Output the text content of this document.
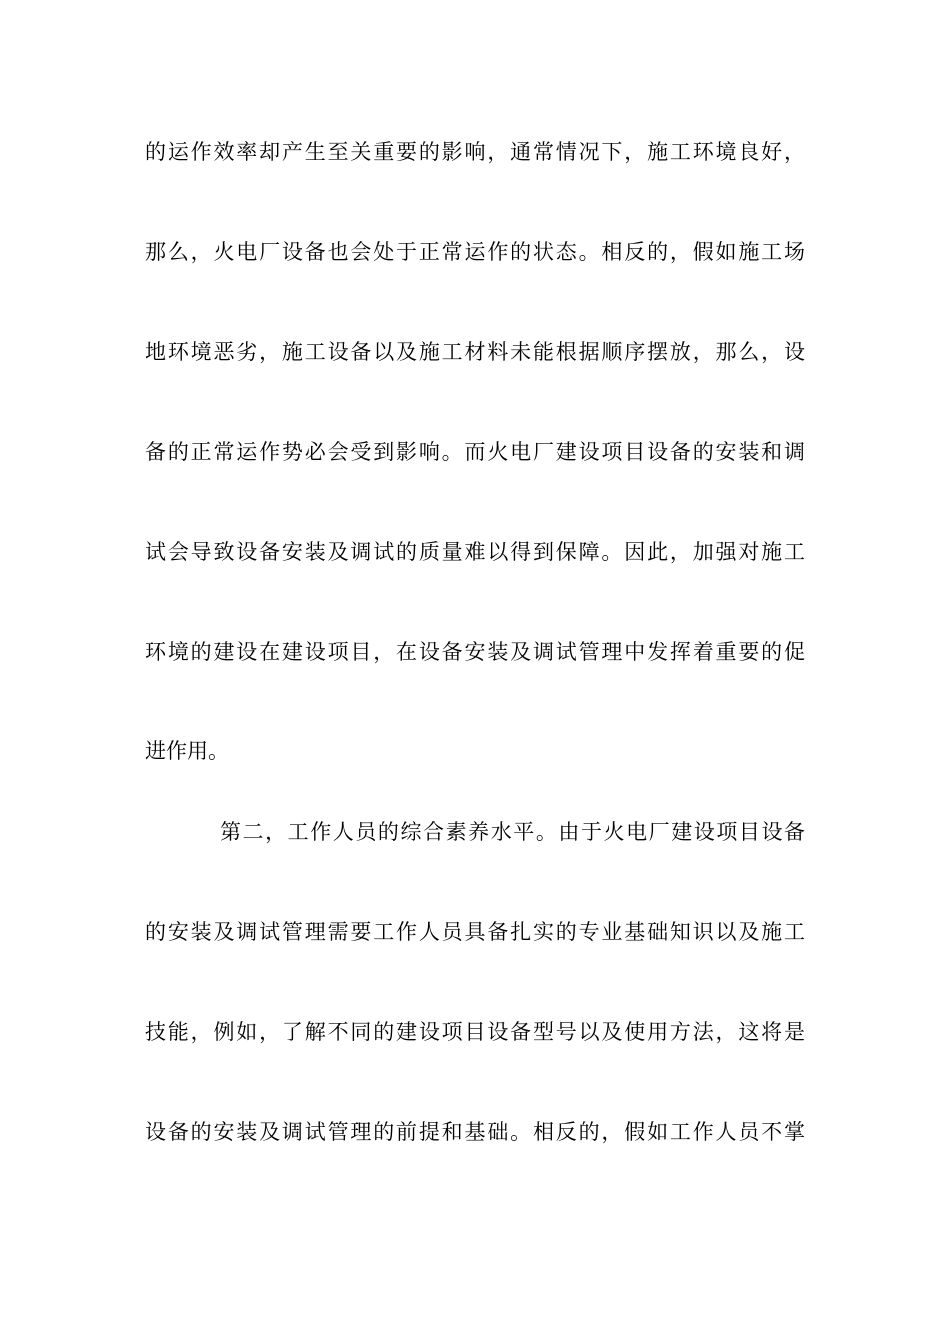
的运作效率却产生至关重要的影响，通常情况下，施工环境良好，
那么，火电厂设备也会处于正常运作的状态。相反的，假如施工场
地环境恶劣，施工设备以及施工材料未能根据顺序摆放，那么，设
备的正常运作势必会受到影响。而火电厂建设项目设备的安装和调
试会导致设备安装及调试的质量难以得到保障。因此，加强对施工
环境的建设在建设项目，在设备安装及调试管理中发挥着重要的促
进作用。
第二，工作人员的综合素养水平。由于火电厂建设项目设备
的安装及调试管理需要工作人员具备扎实的专业基础知识以及施工
技能，例如，了解不同的建设项目设备型号以及使用方法，这将是
设备的安装及调试管理的前提和基础。相反的，假如工作人员不掌
